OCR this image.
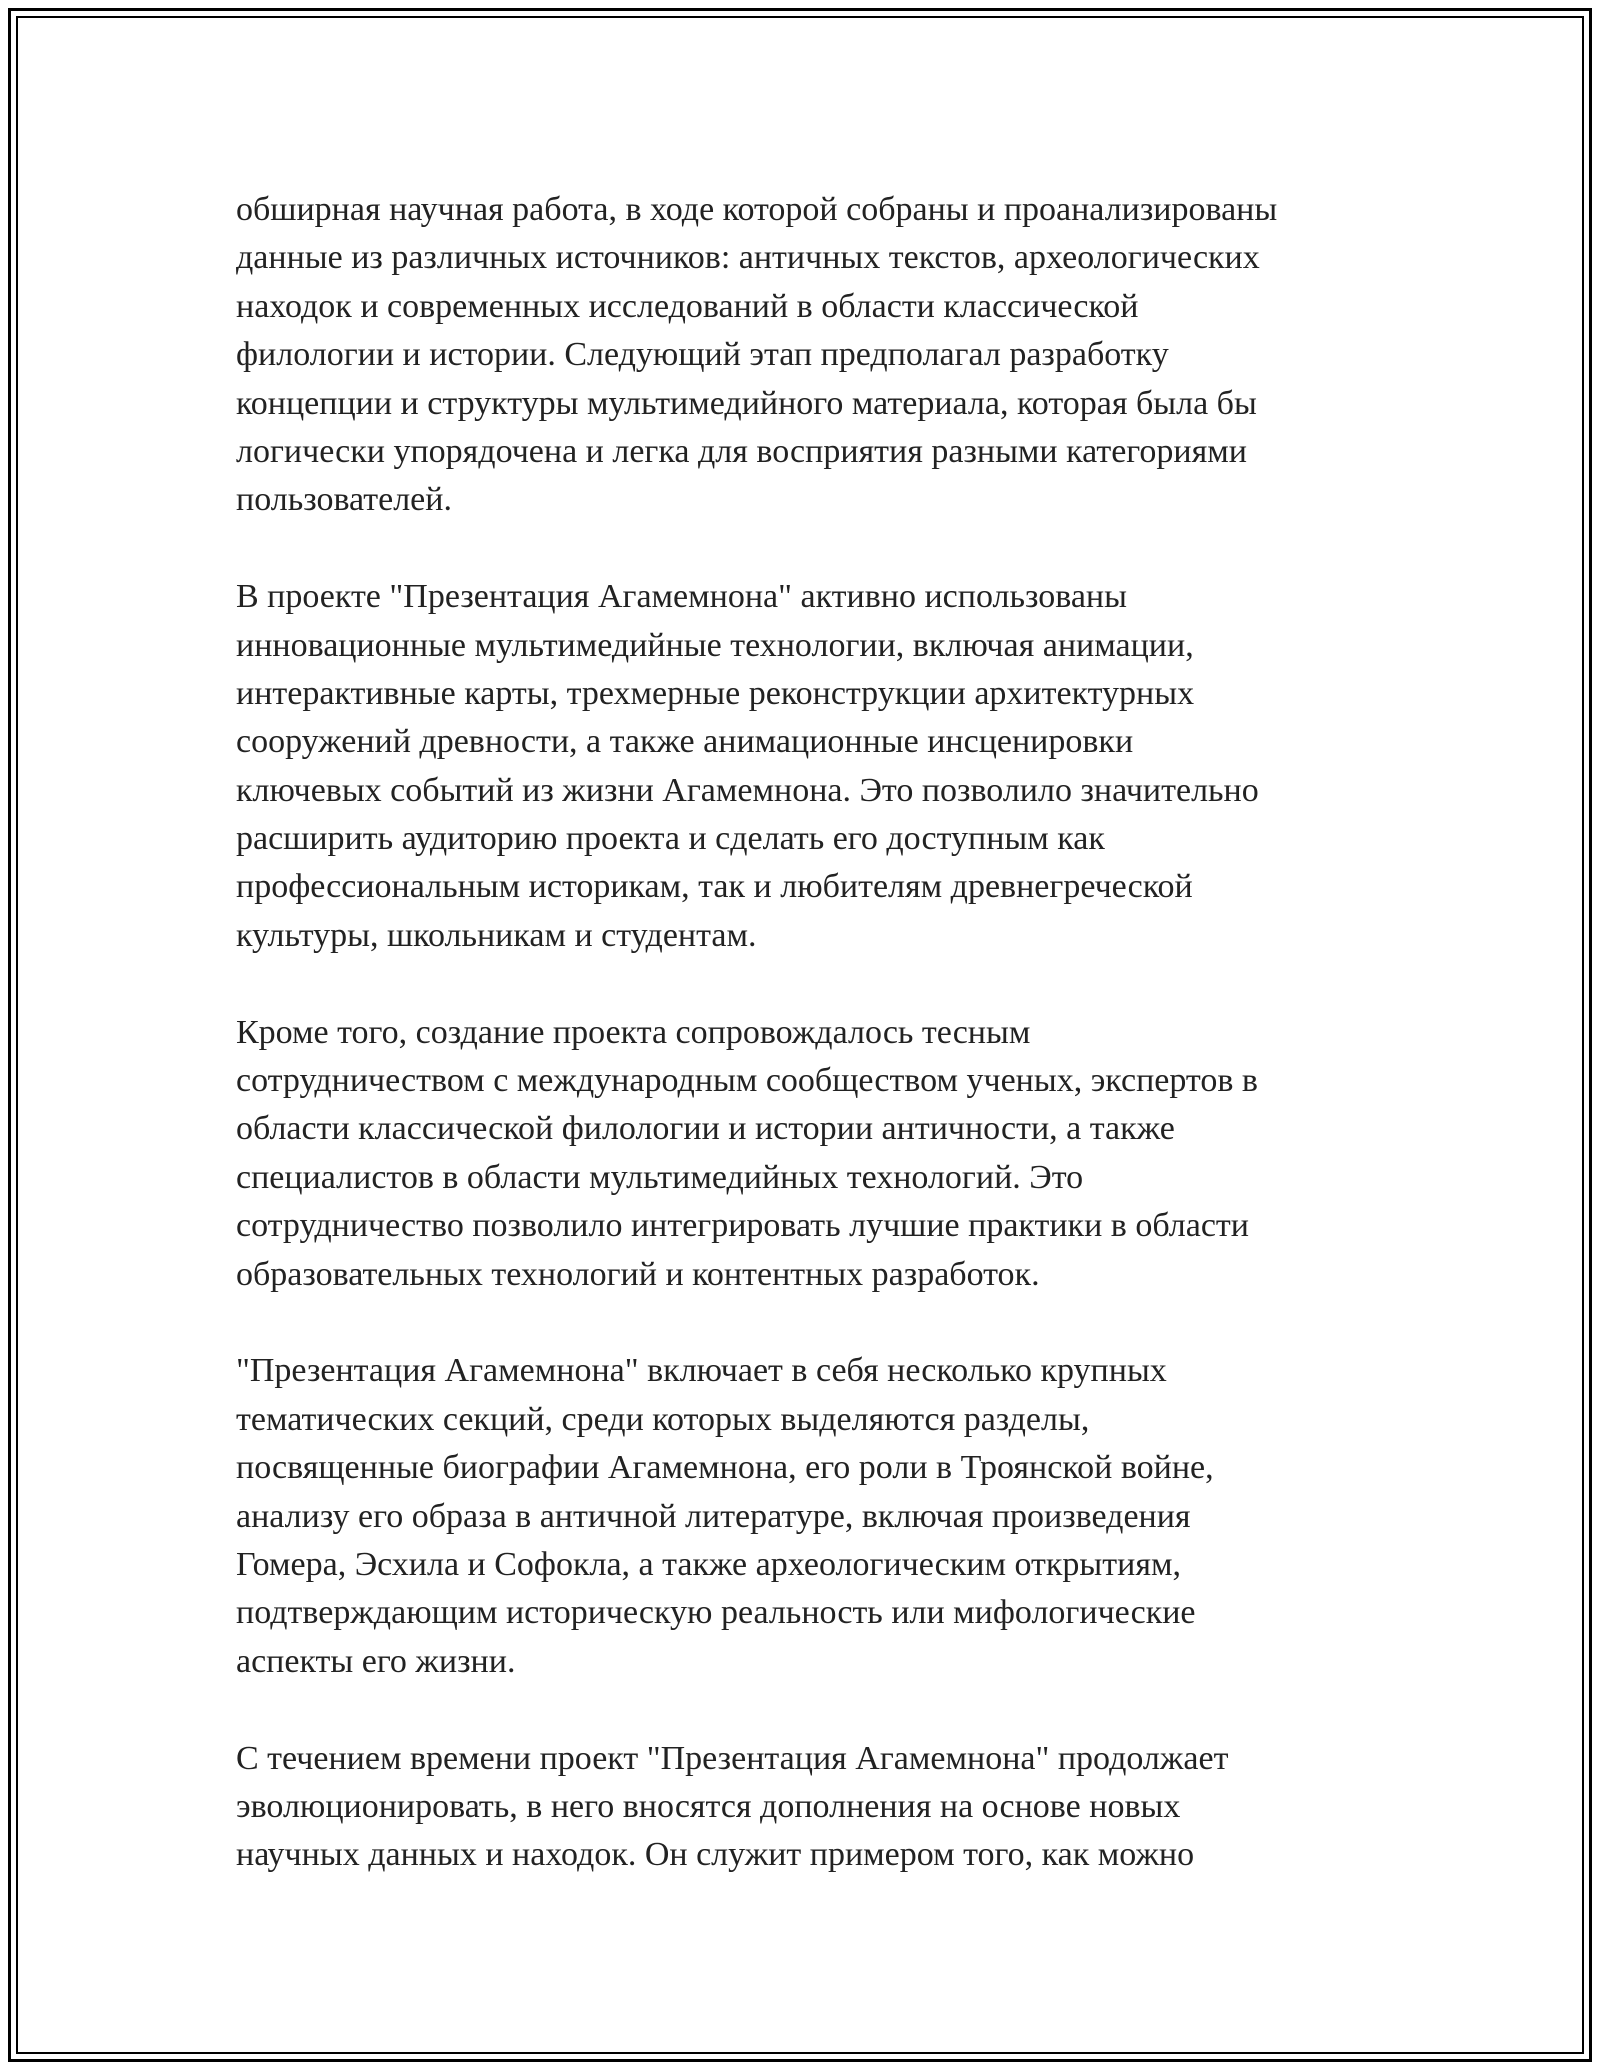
обширная научная работа, в ходе которой собраны и проанализированы
данные из различных источников: античных текстов, археологических
находок и современных исследований в области классической
филологии и истории. Следующий этап предполагал разработку
концепции и структуры мультимедийного материала, которая была бы
логически упорядочена и легка для восприятия разными категориями
пользователей.
В проекте "Презентация Агамемнона" активно использованы
инновационные мультимедийные технологии, включая анимации,
интерактивные карты, трехмерные реконструкции архитектурных
сооружений древности, а также анимационные инсценировки
ключевых событий из жизни Агамемнона. Это позволило значительно
расширить аудиторию проекта и сделать его доступным как
профессиональным историкам, так и любителям древнегреческой
культуры, школьникам и студентам.
Кроме того, создание проекта сопровождалось тесным
сотрудничеством с международным сообществом ученых, экспертов в
области классической филологии и истории античности, а также
специалистов в области мультимедийных технологий. Это
сотрудничество позволило интегрировать лучшие практики в области
образовательных технологий и контентных разработок.
"Презентация Агамемнона" включает в себя несколько крупных
тематических секций, среди которых выделяются разделы,
посвященные биографии Агамемнона, его роли в Троянской войне,
анализу его образа в античной литературе, включая произведения
Гомера, Эсхила и Софокла, а также археологическим открытиям,
подтверждающим историческую реальность или мифологические
аспекты его жизни.
С течением времени проект "Презентация Агамемнона" продолжает
эволюционировать, в него вносятся дополнения на основе новых
научных данных и находок. Он служит примером того, как можно
